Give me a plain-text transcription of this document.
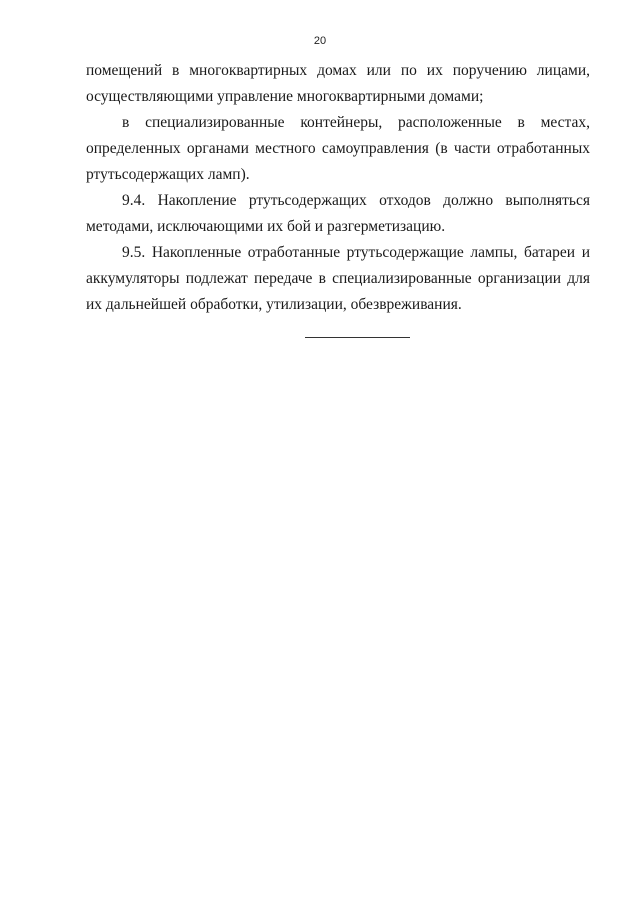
20

помещений в многоквартирных домах или по их поручению лицами, осуществляющими управление многоквартирными домами;

в специализированные контейнеры, расположенные в местах, определенных органами местного самоуправления (в части отработанных ртутьсодержащих ламп).

9.4. Накопление ртутьсодержащих отходов должно выполняться методами, исключающими их бой и разгерметизацию.

9.5. Накопленные отработанные ртутьсодержащие лампы, батареи и аккумуляторы подлежат передаче в специализированные организации для их дальнейшей обработки, утилизации, обезвреживания.
